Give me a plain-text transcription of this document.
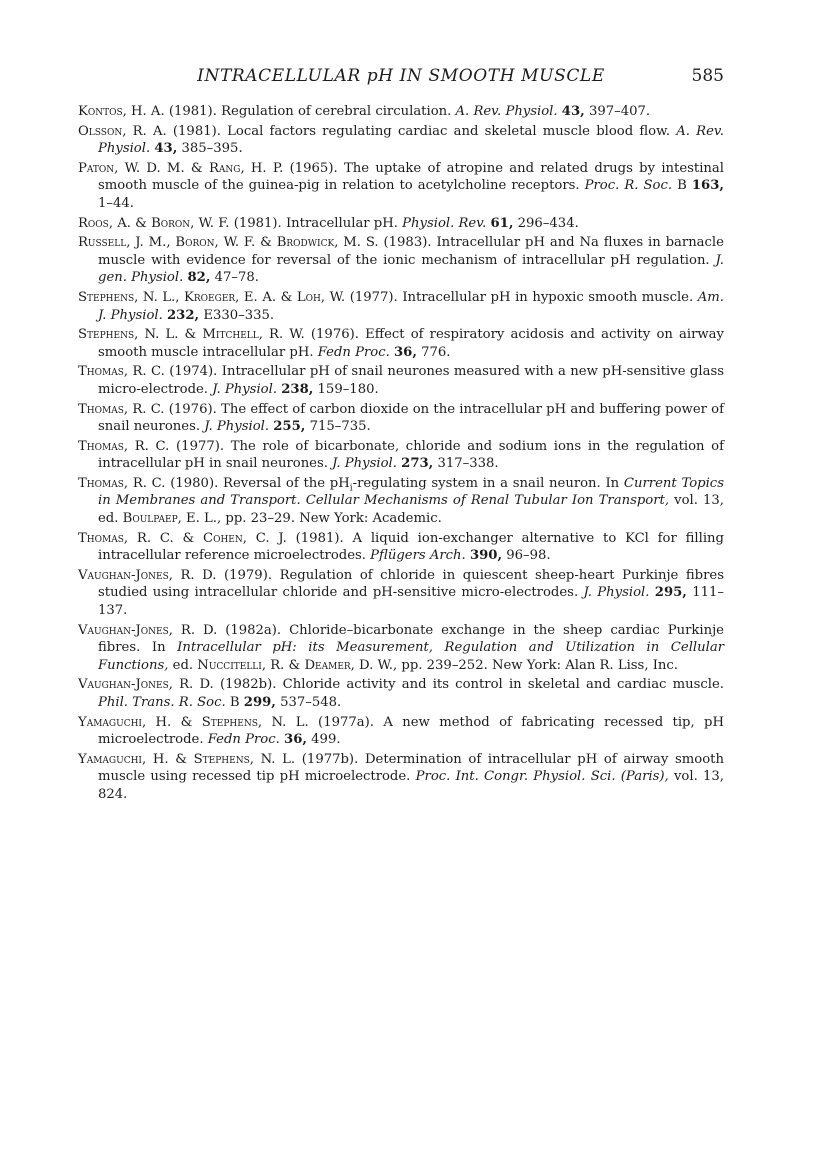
INTRACELLULAR pH IN SMOOTH MUSCLE	585
Kontos, H. A. (1981). Regulation of cerebral circulation. A. Rev. Physiol. 43, 397–407.
Olsson, R. A. (1981). Local factors regulating cardiac and skeletal muscle blood flow. A. Rev. Physiol. 43, 385–395.
Paton, W. D. M. & Rang, H. P. (1965). The uptake of atropine and related drugs by intestinal smooth muscle of the guinea-pig in relation to acetylcholine receptors. Proc. R. Soc. B 163, 1–44.
Roos, A. & Boron, W. F. (1981). Intracellular pH. Physiol. Rev. 61, 296–434.
Russell, J. M., Boron, W. F. & Brodwick, M. S. (1983). Intracellular pH and Na fluxes in barnacle muscle with evidence for reversal of the ionic mechanism of intracellular pH regulation. J. gen. Physiol. 82, 47–78.
Stephens, N. L., Kroeger, E. A. & Loh, W. (1977). Intracellular pH in hypoxic smooth muscle. Am. J. Physiol. 232, E330–335.
Stephens, N. L. & Mitchell, R. W. (1976). Effect of respiratory acidosis and activity on airway smooth muscle intracellular pH. Fedn Proc. 36, 776.
Thomas, R. C. (1974). Intracellular pH of snail neurones measured with a new pH-sensitive glass micro-electrode. J. Physiol. 238, 159–180.
Thomas, R. C. (1976). The effect of carbon dioxide on the intracellular pH and buffering power of snail neurones. J. Physiol. 255, 715–735.
Thomas, R. C. (1977). The role of bicarbonate, chloride and sodium ions in the regulation of intracellular pH in snail neurones. J. Physiol. 273, 317–338.
Thomas, R. C. (1980). Reversal of the $pH_i$-regulating system in a snail neuron. In Current Topics in Membranes and Transport. Cellular Mechanisms of Renal Tubular Ion Transport, vol. 13, ed. Boulpaep, E. L., pp. 23–29. New York: Academic.
Thomas, R. C. & Cohen, C. J. (1981). A liquid ion-exchanger alternative to KCl for filling intracellular reference microelectrodes. Pflügers Arch. 390, 96–98.
Vaughan-Jones, R. D. (1979). Regulation of chloride in quiescent sheep-heart Purkinje fibres studied using intracellular chloride and pH-sensitive micro-electrodes. J. Physiol. 295, 111–137.
Vaughan-Jones, R. D. (1982a). Chloride–bicarbonate exchange in the sheep cardiac Purkinje fibres. In Intracellular pH: its Measurement, Regulation and Utilization in Cellular Functions, ed. Nuccitelli, R. & Deamer, D. W., pp. 239–252. New York: Alan R. Liss, Inc.
Vaughan-Jones, R. D. (1982b). Chloride activity and its control in skeletal and cardiac muscle. Phil. Trans. R. Soc. B 299, 537–548.
Yamaguchi, H. & Stephens, N. L. (1977a). A new method of fabricating recessed tip, pH microelectrode. Fedn Proc. 36, 499.
Yamaguchi, H. & Stephens, N. L. (1977b). Determination of intracellular pH of airway smooth muscle using recessed tip pH microelectrode. Proc. Int. Congr. Physiol. Sci. (Paris), vol. 13, 824.
